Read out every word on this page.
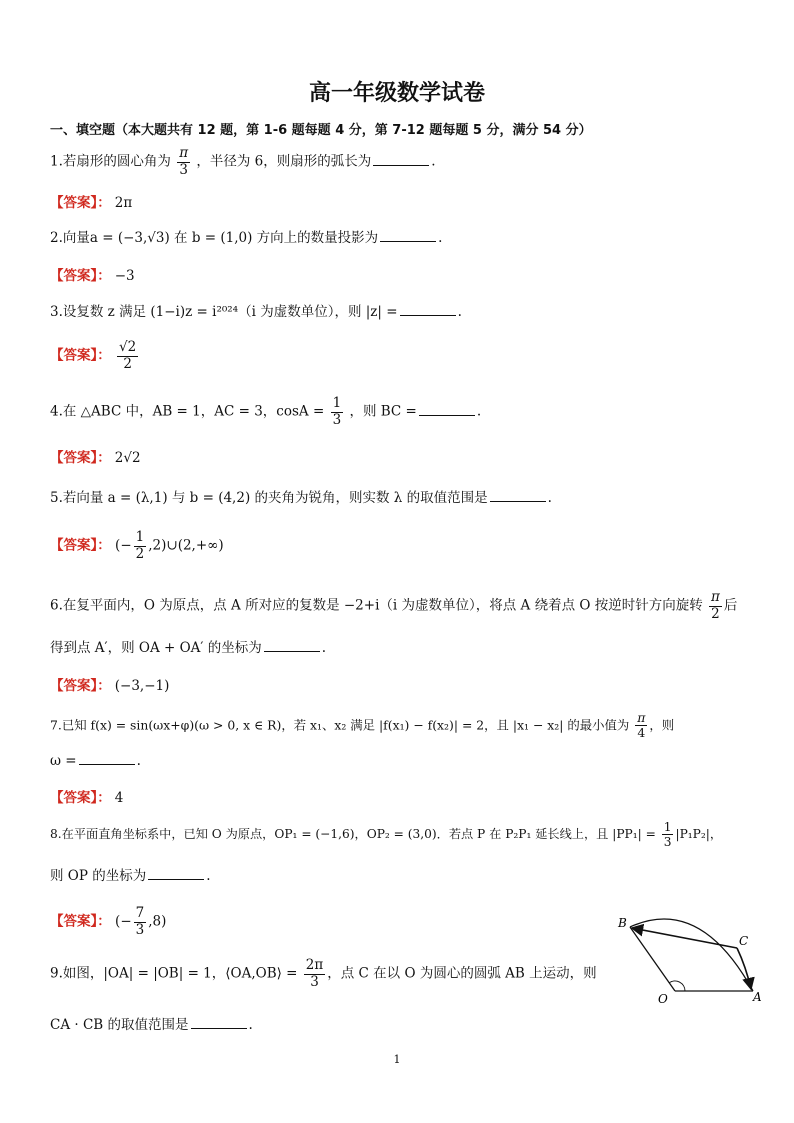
高一年级数学试卷
一、填空题（本大题共有 12 题，第 1-6 题每题 4 分，第 7-12 题每题 5 分，满分 54 分）
1.若扇形的圆心角为 $\frac{\pi}{3}$ ，半径为 6，则扇形的弧长为	.
【答案】： 2π
2.向量a = (−3,√3) 在 b = (1,0) 方向上的数量投影为	.
【答案】： −3
3.设复数 z 满足 (1−i)z = i²⁰²⁴（i 为虚数单位），则 |z| =	.
【答案】： $\frac{√2}{2}$
4.在 △ABC 中，AB = 1，AC = 3，$\cos A = \frac{1}{3}$ ，则 BC =	.
【答案】： 2√2
5.若向量 a = (λ,1) 与 b = (4,2) 的夹角为锐角，则实数 λ 的取值范围是	.
【答案】： (− $\frac{1}{2}$ ,2)∪(2,+∞)
6.在复平面内，O 为原点，点 A 所对应的复数是 −2+i（i 为虚数单位），将点 A 绕着点 O 按逆时针方向旋转 $\frac{\pi}{2}$ 后
得到点 A′，则 OA + OA′ 的坐标为	.
【答案】： (−3,−1)
7.已知 f(x) = sin(ωx+φ)(ω > 0, x ∈ R)，若 x₁、x₂ 满足 |f(x₁) − f(x₂)| = 2，且 |x₁ − x₂| 的最小值为 $\frac{\pi}{4}$ ，则
ω =	.
【答案】： 4
8.在平面直角坐标系中，已知 O 为原点，OP₁ = (−1,6)，OP₂ = (3,0)．若点 P 在 P₂P₁ 延长线上，且 $|PP_1| = \frac{1}{3} |P_1P_2|$，
则 OP 的坐标为	.
【答案】： (− $\frac{7}{3} ,8$)
9.如图，|OA| = |OB| = 1，⟨OA,OB⟩ = $\frac{2\pi}{3}$ ，点 C 在以 O 为圆心的圆弧 AB 上运动，则
CA · CB 的取值范围是	.
B
C
O	A
1
